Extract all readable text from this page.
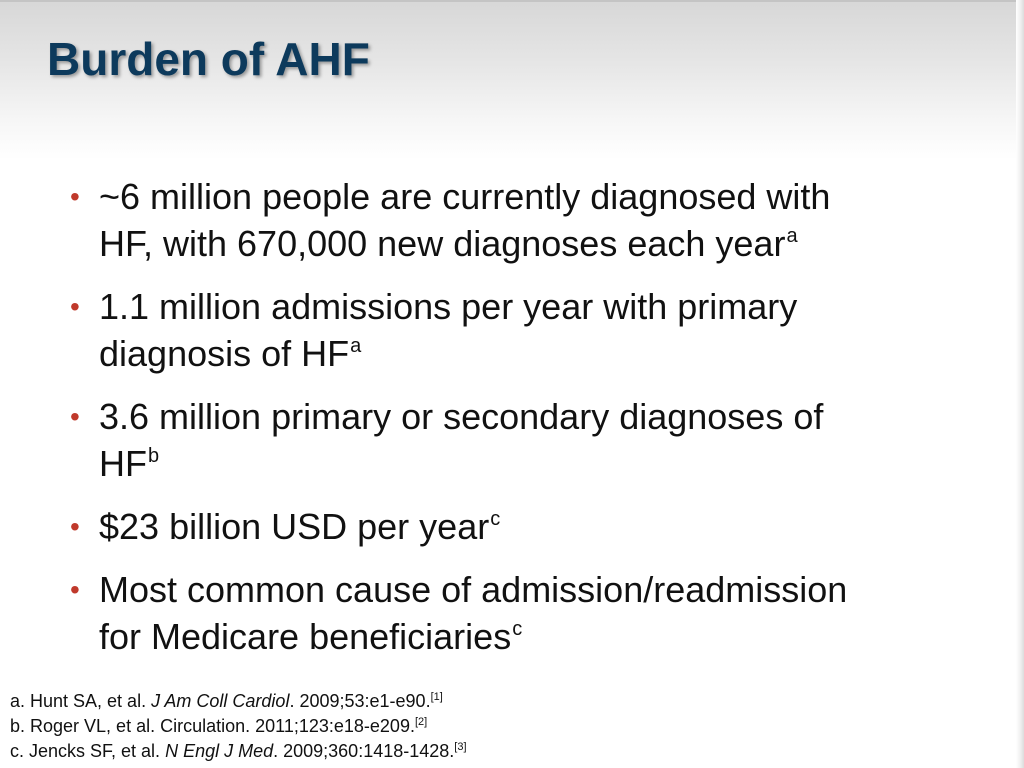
Burden of AHF
• ~6 million people are currently diagnosed with
HF, with 670,000 new diagnoses each year$^a$
• 1.1 million admissions per year with primary
diagnosis of $HF^a$
• 3.6 million primary or secondary diagnoses of
$HF^b$
• $23 billion USD per year$^c$
• Most common cause of admission/readmission
for Medicare beneficiaries$^c$
a. Hunt SA, et al. J Am Coll Cardiol. 2009;53:e1-e90.[1]
b. Roger VL, et al. Circulation. 2011;123:e18-e209.[2]
c. Jencks SF, et al. N Engl J Med. 2009;360:1418-1428.[3]
